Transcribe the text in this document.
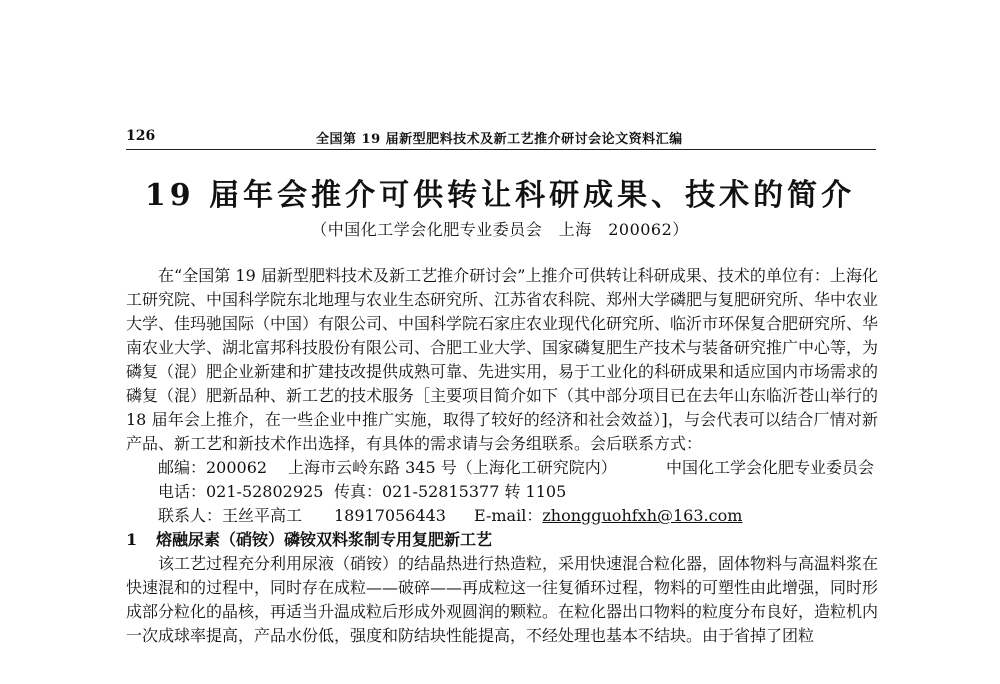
126	全国第 19 届新型肥料技术及新工艺推介研讨会论文资料汇编
19 届年会推介可供转让科研成果、技术的简介
（中国化工学会化肥专业委员会　上海　200062）

在“全国第 19 届新型肥料技术及新工艺推介研讨会”上推介可供转让科研成果、技术的单位有：上海化工研究院、中国科学院东北地理与农业生态研究所、江苏省农科院、郑州大学磷肥与复肥研究所、华中农业大学、佳玛驰国际（中国）有限公司、中国科学院石家庄农业现代化研究所、临沂市环保复合肥研究所、华南农业大学、湖北富邦科技股份有限公司、合肥工业大学、国家磷复肥生产技术与装备研究推广中心等，为磷复（混）肥企业新建和扩建技改提供成熟可靠、先进实用，易于工业化的科研成果和适应国内市场需求的磷复（混）肥新品种、新工艺的技术服务［主要项目简介如下（其中部分项目已在去年山东临沂苍山举行的 18 届年会上推介，在一些企业中推广实施，取得了较好的经济和社会效益）]，与会代表可以结合厂情对新产品、新工艺和新技术作出选择，有具体的需求请与会务组联系。会后联系方式：

邮编：200062 上海市云岭东路 345 号（上海化工研究院内）	中国化工学会化肥专业委员会
电话：021-52802925 传真：021-52815377 转 1105
联系人：王丝平高工 18917056443 E-mail：zhongguohfxh@163.com
1 熔融尿素（硝铵）磷铵双料浆制专用复肥新工艺

该工艺过程充分利用尿液（硝铵）的结晶热进行热造粒，采用快速混合粒化器，固体物料与高温料浆在快速混和的过程中，同时存在成粒——破碎——再成粒这一往复循环过程，物料的可塑性由此增强，同时形成部分粒化的晶核，再适当升温成粒后形成外观圆润的颗粒。在粒化器出口物料的粒度分布良好，造粒机内一次成球率提高，产品水份低，强度和防结块性能提高，不经处理也基本不结块。由于省掉了团粒
